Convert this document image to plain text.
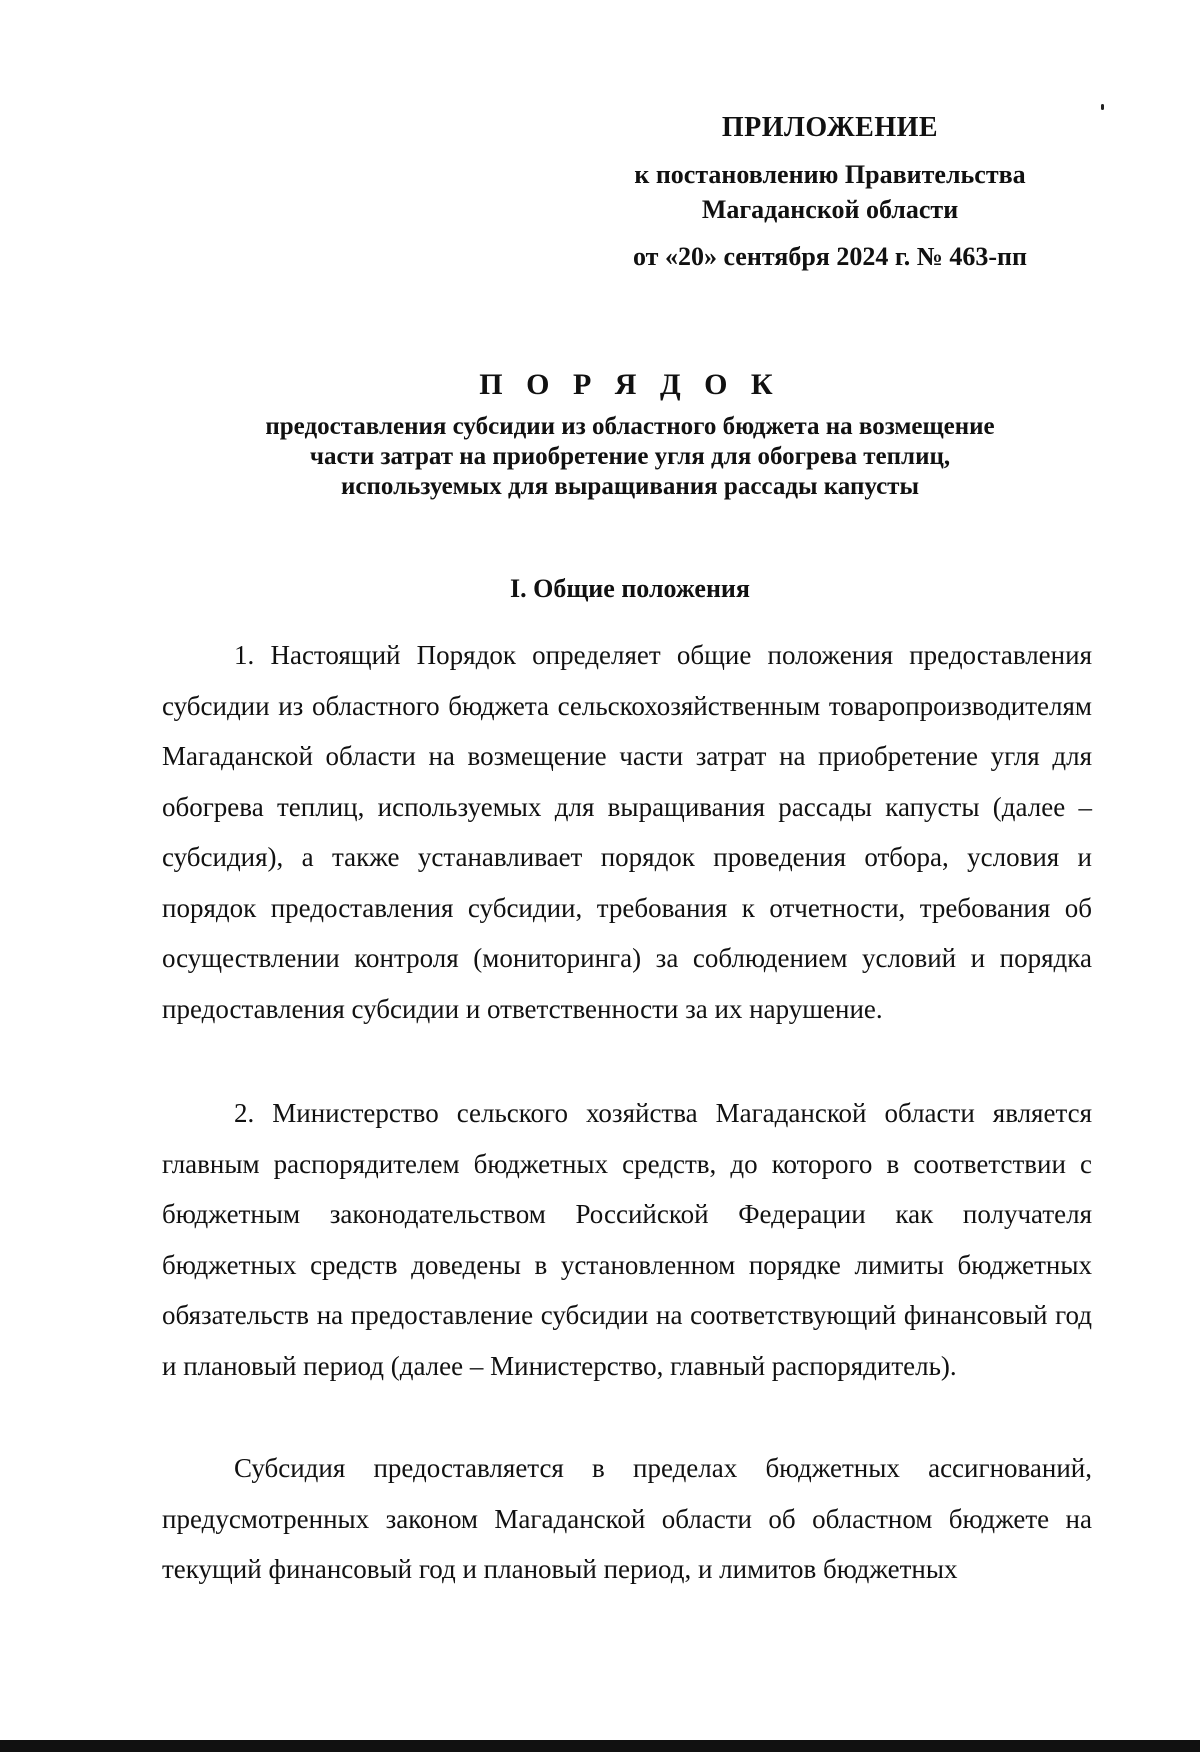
ПРИЛОЖЕНИЕ
к постановлению Правительства
Магаданской области
от «20» сентября 2024 г. № 463-пп
П О Р Я Д О К
предоставления субсидии из областного бюджета на возмещение
части затрат на приобретение угля для обогрева теплиц,
используемых для выращивания рассады капусты
I. Общие положения

1. Настоящий Порядок определяет общие положения предоставления субсидии из областного бюджета сельскохозяйственным товаропроизводителям Магаданской области на возмещение части затрат на приобретение угля для обогрева теплиц, используемых для выращивания рассады капусты (далее – субсидия), а также устанавливает порядок проведения отбора, условия и порядок предоставления субсидии, требования к отчетности, требования об осуществлении контроля (мониторинга) за соблюдением условий и порядка предоставления субсидии и ответственности за их нарушение.

2. Министерство сельского хозяйства Магаданской области является главным распорядителем бюджетных средств, до которого в соответствии с бюджетным законодательством Российской Федерации как получателя бюджетных средств доведены в установленном порядке лимиты бюджетных обязательств на предоставление субсидии на соответствующий финансовый год и плановый период (далее – Министерство, главный распорядитель).

Субсидия предоставляется в пределах бюджетных ассигнований, предусмотренных законом Магаданской области об областном бюджете на текущий финансовый год и плановый период, и лимитов бюджетных
